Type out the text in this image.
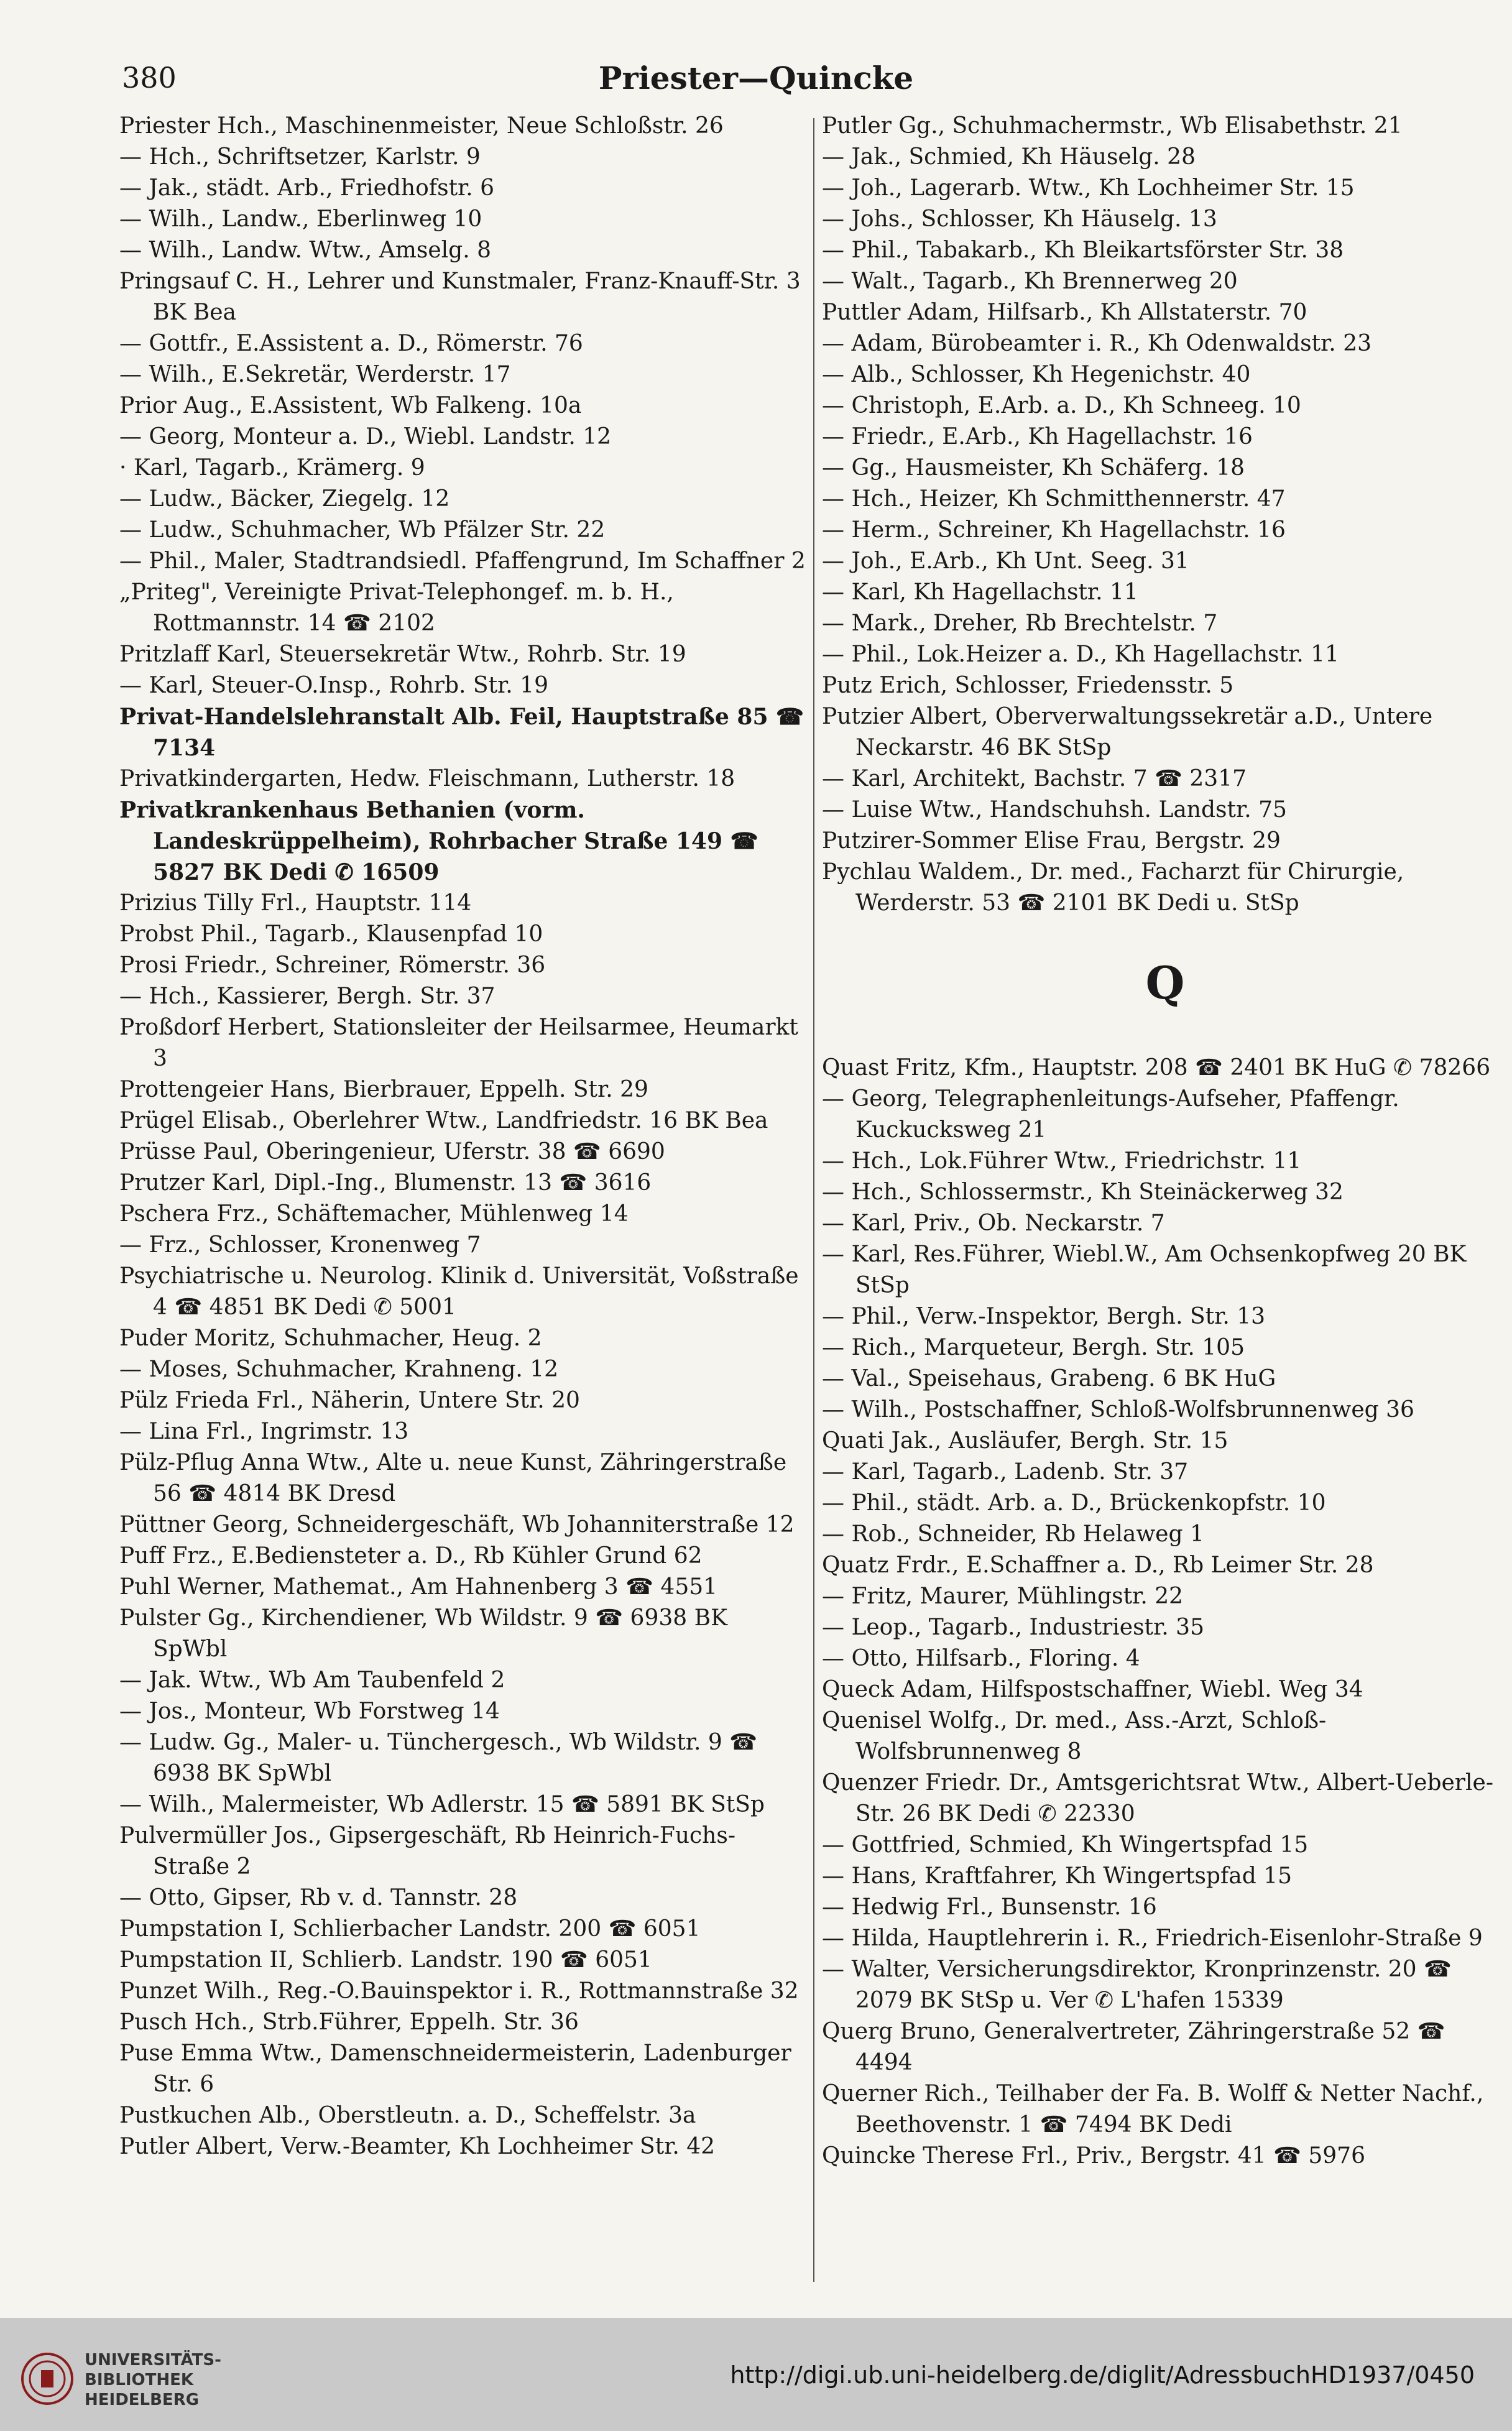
380	Priester—Quincke
Priester Hch., Maschinenmeister, Neue Schloßstr. 26
— Hch., Schriftsetzer, Karlstr. 9
— Jak., städt. Arb., Friedhofstr. 6
— Wilh., Landw., Eberlinweg 10
— Wilh., Landw. Wtw., Amselg. 8
Pringsauf C. H., Lehrer und Kunstmaler, Franz-Knauff-Str. 3 BK Bea
— Gottfr., E.Assistent a. D., Römerstr. 76
— Wilh., E.Sekretär, Werderstr. 17
Prior Aug., E.Assistent, Wb Falkeng. 10a
— Georg, Monteur a. D., Wiebl. Landstr. 12
· Karl, Tagarb., Krämerg. 9
— Ludw., Bäcker, Ziegelg. 12
— Ludw., Schuhmacher, Wb Pfälzer Str. 22
— Phil., Maler, Stadtrandsiedl. Pfaffengrund, Im Schaffner 2
„Priteg", Vereinigte Privat-Telephongef. m. b. H., Rottmannstr. 14 ☎ 2102
Pritzlaff Karl, Steuersekretär Wtw., Rohrb. Str. 19
— Karl, Steuer-O.Insp., Rohrb. Str. 19
Privat-Handelslehranstalt Alb. Feil, Hauptstraße 85 ☎ 7134
Privatkindergarten, Hedw. Fleischmann, Lutherstr. 18
Privatkrankenhaus Bethanien (vorm. Landeskrüppelheim), Rohrbacher Straße 149 ☎ 5827 BK Dedi ✆ 16509
Prizius Tilly Frl., Hauptstr. 114
Probst Phil., Tagarb., Klausenpfad 10
Prosi Friedr., Schreiner, Römerstr. 36
— Hch., Kassierer, Bergh. Str. 37
Proßdorf Herbert, Stationsleiter der Heilsarmee, Heumarkt 3
Prottengeier Hans, Bierbrauer, Eppelh. Str. 29
Prügel Elisab., Oberlehrer Wtw., Landfriedstr. 16 BK Bea
Prüsse Paul, Oberingenieur, Uferstr. 38 ☎ 6690
Prutzer Karl, Dipl.-Ing., Blumenstr. 13 ☎ 3616
Pschera Frz., Schäftemacher, Mühlenweg 14
— Frz., Schlosser, Kronenweg 7
Psychiatrische u. Neurolog. Klinik d. Universität, Voßstraße 4 ☎ 4851 BK Dedi ✆ 5001
Puder Moritz, Schuhmacher, Heug. 2
— Moses, Schuhmacher, Krahneng. 12
Pülz Frieda Frl., Näherin, Untere Str. 20
— Lina Frl., Ingrimstr. 13
Pülz-Pflug Anna Wtw., Alte u. neue Kunst, Zähringerstraße 56 ☎ 4814 BK Dresd
Püttner Georg, Schneidergeschäft, Wb Johanniterstraße 12
Puff Frz., E.Bediensteter a. D., Rb Kühler Grund 62
Puhl Werner, Mathemat., Am Hahnenberg 3 ☎ 4551
Pulster Gg., Kirchendiener, Wb Wildstr. 9 ☎ 6938 BK SpWbl
— Jak. Wtw., Wb Am Taubenfeld 2
— Jos., Monteur, Wb Forstweg 14
— Ludw. Gg., Maler- u. Tünchergesch., Wb Wildstr. 9 ☎ 6938 BK SpWbl
— Wilh., Malermeister, Wb Adlerstr. 15 ☎ 5891 BK StSp
Pulvermüller Jos., Gipsergeschäft, Rb Heinrich-Fuchs-Straße 2
— Otto, Gipser, Rb v. d. Tannstr. 28
Pumpstation I, Schlierbacher Landstr. 200 ☎ 6051
Pumpstation II, Schlierb. Landstr. 190 ☎ 6051
Punzet Wilh., Reg.-O.Bauinspektor i. R., Rottmannstraße 32
Pusch Hch., Strb.Führer, Eppelh. Str. 36
Puse Emma Wtw., Damenschneidermeisterin, Ladenburger Str. 6
Pustkuchen Alb., Oberstleutn. a. D., Scheffelstr. 3a
Putler Albert, Verw.-Beamter, Kh Lochheimer Str. 42
Putler Gg., Schuhmachermstr., Wb Elisabethstr. 21
— Jak., Schmied, Kh Häuselg. 28
— Joh., Lagerarb. Wtw., Kh Lochheimer Str. 15
— Johs., Schlosser, Kh Häuselg. 13
— Phil., Tabakarb., Kh Bleikartsförster Str. 38
— Walt., Tagarb., Kh Brennerweg 20
Puttler Adam, Hilfsarb., Kh Allstaterstr. 70
— Adam, Bürobeamter i. R., Kh Odenwaldstr. 23
— Alb., Schlosser, Kh Hegenichstr. 40
— Christoph, E.Arb. a. D., Kh Schneeg. 10
— Friedr., E.Arb., Kh Hagellachstr. 16
— Gg., Hausmeister, Kh Schäferg. 18
— Hch., Heizer, Kh Schmitthennerstr. 47
— Herm., Schreiner, Kh Hagellachstr. 16
— Joh., E.Arb., Kh Unt. Seeg. 31
— Karl, Kh Hagellachstr. 11
— Mark., Dreher, Rb Brechtelstr. 7
— Phil., Lok.Heizer a. D., Kh Hagellachstr. 11
Putz Erich, Schlosser, Friedensstr. 5
Putzier Albert, Oberverwaltungssekretär a.D., Untere Neckarstr. 46 BK StSp
— Karl, Architekt, Bachstr. 7 ☎ 2317
— Luise Wtw., Handschuhsh. Landstr. 75
Putzirer-Sommer Elise Frau, Bergstr. 29
Pychlau Waldem., Dr. med., Facharzt für Chirurgie, Werderstr. 53 ☎ 2101 BK Dedi u. StSp
Q
Quast Fritz, Kfm., Hauptstr. 208 ☎ 2401 BK HuG ✆ 78266
— Georg, Telegraphenleitungs-Aufseher, Pfaffengr. Kuckucksweg 21
— Hch., Lok.Führer Wtw., Friedrichstr. 11
— Hch., Schlossermstr., Kh Steinäckerweg 32
— Karl, Priv., Ob. Neckarstr. 7
— Karl, Res.Führer, Wiebl.W., Am Ochsenkopfweg 20 BK StSp
— Phil., Verw.-Inspektor, Bergh. Str. 13
— Rich., Marqueteur, Bergh. Str. 105
— Val., Speisehaus, Grabeng. 6 BK HuG
— Wilh., Postschaffner, Schloß-Wolfsbrunnenweg 36
Quati Jak., Ausläufer, Bergh. Str. 15
— Karl, Tagarb., Ladenb. Str. 37
— Phil., städt. Arb. a. D., Brückenkopfstr. 10
— Rob., Schneider, Rb Helaweg 1
Quatz Frdr., E.Schaffner a. D., Rb Leimer Str. 28
— Fritz, Maurer, Mühlingstr. 22
— Leop., Tagarb., Industriestr. 35
— Otto, Hilfsarb., Floring. 4
Queck Adam, Hilfspostschaffner, Wiebl. Weg 34
Quenisel Wolfg., Dr. med., Ass.-Arzt, Schloß-Wolfsbrunnenweg 8
Quenzer Friedr. Dr., Amtsgerichtsrat Wtw., Albert-Ueberle-Str. 26 BK Dedi ✆ 22330
— Gottfried, Schmied, Kh Wingertspfad 15
— Hans, Kraftfahrer, Kh Wingertspfad 15
— Hedwig Frl., Bunsenstr. 16
— Hilda, Hauptlehrerin i. R., Friedrich-Eisenlohr-Straße 9
— Walter, Versicherungsdirektor, Kronprinzenstr. 20 ☎ 2079 BK StSp u. Ver ✆ L'hafen 15339
Querg Bruno, Generalvertreter, Zähringerstraße 52 ☎ 4494
Querner Rich., Teilhaber der Fa. B. Wolff & Netter Nachf., Beethovenstr. 1 ☎ 7494 BK Dedi
Quincke Therese Frl., Priv., Bergstr. 41 ☎ 5976
UNIVERSITÄTS-
BIBLIOTHEK
HEIDELBERG
http://digi.ub.uni-heidelberg.de/diglit/AdressbuchHD1937/0450
